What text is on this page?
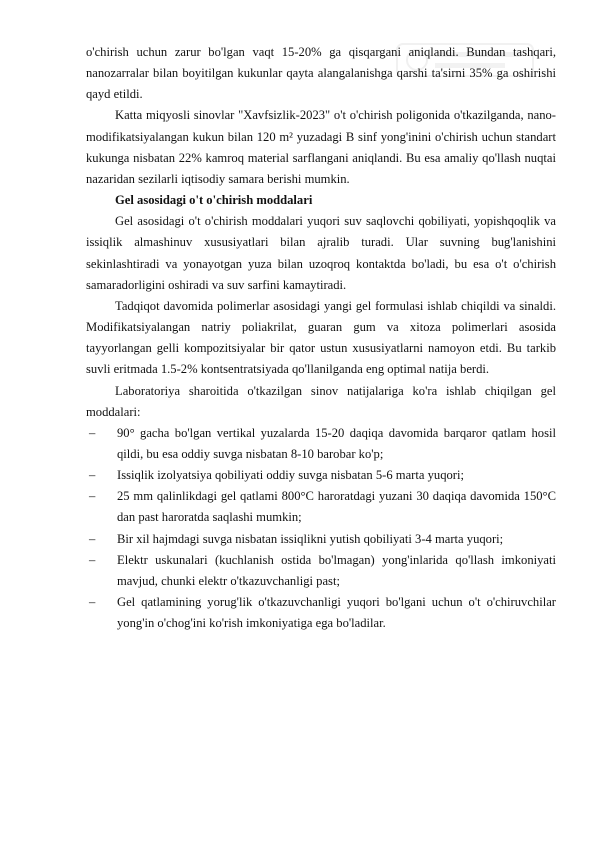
o'chirish uchun zarur bo'lgan vaqt 15-20% ga qisqargani aniqlandi. Bundan tashqari, nanozarralar bilan boyitilgan kukunlar qayta alangalanishga qarshi ta'sirni 35% ga oshirishi qayd etildi.

Katta miqyosli sinovlar "Xavfsizlik-2023" o't o'chirish poligonida o'tkazilganda, nano-modifikatsiyalangan kukun bilan 120 m² yuzadagi B sinf yong'inini o'chirish uchun standart kukunga nisbatan 22% kamroq material sarflangani aniqlandi. Bu esa amaliy qo'llash nuqtai nazaridan sezilarli iqtisodiy samara berishi mumkin.

Gel asosidagi o't o'chirish moddalari

Gel asosidagi o't o'chirish moddalari yuqori suv saqlovchi qobiliyati, yopishqoqlik va issiqlik almashinuv xususiyatlari bilan ajralib turadi. Ular suvning bug'lanishini sekinlashtiradi va yonayotgan yuza bilan uzoqroq kontaktda bo'ladi, bu esa o't o'chirish samaradorligini oshiradi va suv sarfini kamaytiradi.

Tadqiqot davomida polimerlar asosidagi yangi gel formulasi ishlab chiqildi va sinaldi. Modifikatsiyalangan natriy poliakrilat, guaran gum va xitoza polimerlari asosida tayyorlangan gelli kompozitsiyalar bir qator ustun xususiyatlarni namoyon etdi. Bu tarkib suvli eritmada 1.5-2% kontsentratsiyada qo'llanilganda eng optimal natija berdi.

Laboratoriya sharoitida o'tkazilgan sinov natijalariga ko'ra ishlab chiqilgan gel moddalari:

– 90° gacha bo'lgan vertikal yuzalarda 15-20 daqiqa davomida barqaror qatlam hosil qildi, bu esa oddiy suvga nisbatan 8-10 barobar ko'p;
– Issiqlik izolyatsiya qobiliyati oddiy suvga nisbatan 5-6 marta yuqori;
– 25 mm qalinlikdagi gel qatlami 800°C haroratdagi yuzani 30 daqiqa davomida 150°C dan past haroratda saqlashi mumkin;
– Bir xil hajmdagi suvga nisbatan issiqlikni yutish qobiliyati 3-4 marta yuqori;
– Elektr uskunalari (kuchlanish ostida bo'lmagan) yong'inlarida qo'llash imkoniyati mavjud, chunki elektr o'tkazuvchanligi past;
– Gel qatlamining yorug'lik o'tkazuvchanligi yuqori bo'lgani uchun o't o'chiruvchilar yong'in o'chog'ini ko'rish imkoniyatiga ega bo'ladilar.
